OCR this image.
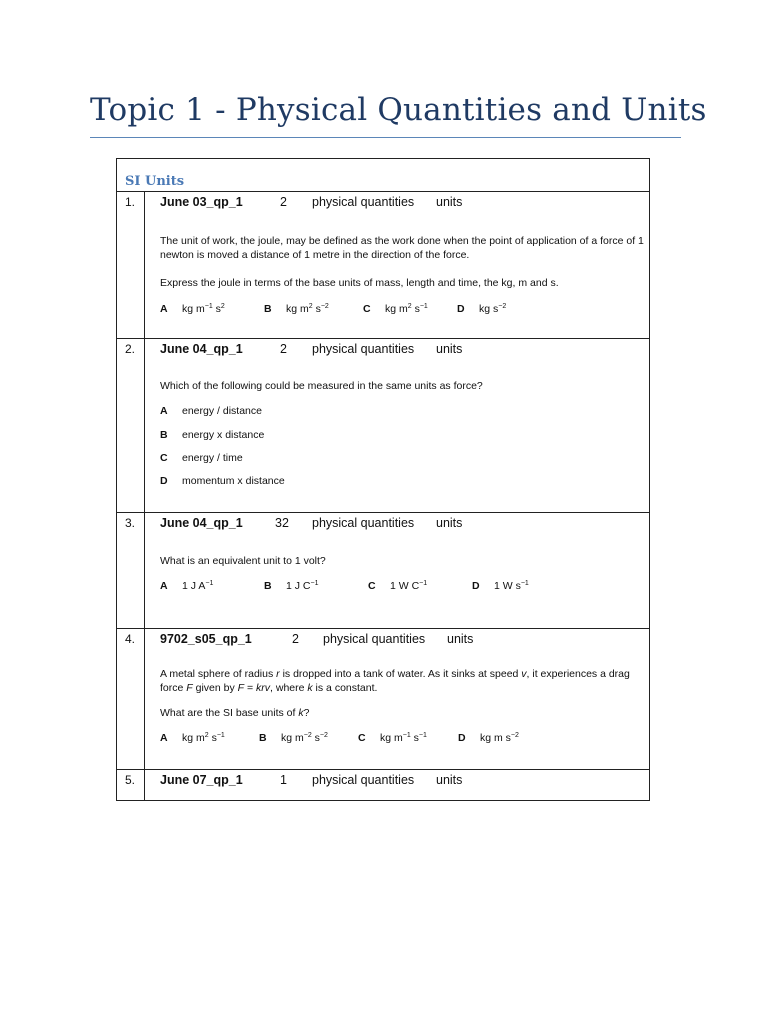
Topic 1 - Physical Quantities and Units
SI Units
1. June 03_qp_1	2 physical quantities units
The unit of work, the joule, may be defined as the work done when the point of application of a force of 1 newton is moved a distance of 1 metre in the direction of the force.
Express the joule in terms of the base units of mass, length and time, the kg, m and s.
A kg $m^{-1}$ $s^2$	B kg $m^2$ $s^{-2}$	C kg $m^2$ $s^{-1}$	D kg $s^{-2}$
2. June 04_qp_1	2 physical quantities units
Which of the following could be measured in the same units as force?
A energy / distance
B energy x distance
C energy / time
D momentum x distance
3. June 04_qp_1	32 physical quantities units
What is an equivalent unit to 1 volt?
A 1 J $A^{-1}$	B 1 J $C^{-1}$	C 1 W $C^{-1}$	D 1 W $s^{-1}$
4. 9702_s05_qp_1	2 physical quantities units
A metal sphere of radius r is dropped into a tank of water. As it sinks at speed v, it experiences a drag force F given by F = krv, where k is a constant.
What are the SI base units of k?
A kg $m^2$ $s^{-1}$	B kg $m^{-2}$ $s^{-2}$	C kg $m^{-1}$ $s^{-1}$	D kg m $s^{-2}$
5. June 07_qp_1	1 physical quantities units
